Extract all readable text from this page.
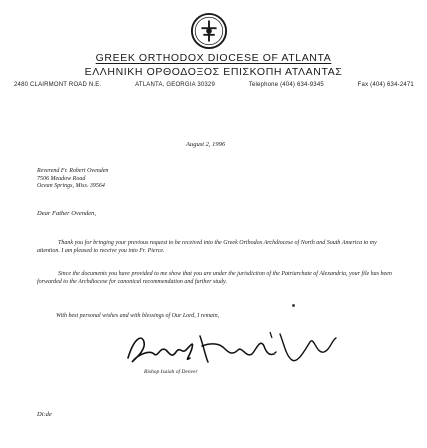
GREEK ORTHODOX DIOCESE OF ATLANTA
ΕΛΛΗΝΙΚΗ ΟΡΘΟΔΟΞΟΣ ΕΠΙΣΚΟΠΗ ΑΤΛΑΝΤΑΣ
2480 CLAIRMONT ROAD N.E.	ATLANTA, GEORGIA 30329	Telephone (404) 634-9345	Fax (404) 634-2471
August 2, 1996
Reverend Fr. Robert Ovenden
7506 Meadow Road
Ocean Springs, Miss. 39564
Dear Father Ovenden,
Thank you for bringing your previous request to be received into the Greek Orthodox Archdiocese of North and South America to my attention. I am pleased to receive you into Fr. Pierce.
Since the documents you have provided to me show that you are under the jurisdiction of the Patriarchate of Alexandria, your file has been forwarded to the Archdiocese for canonical recommendation and further study.
With best personal wishes and with blessings of Our Lord, I remain,
Bishop Isaiah of Denver
Di:de
